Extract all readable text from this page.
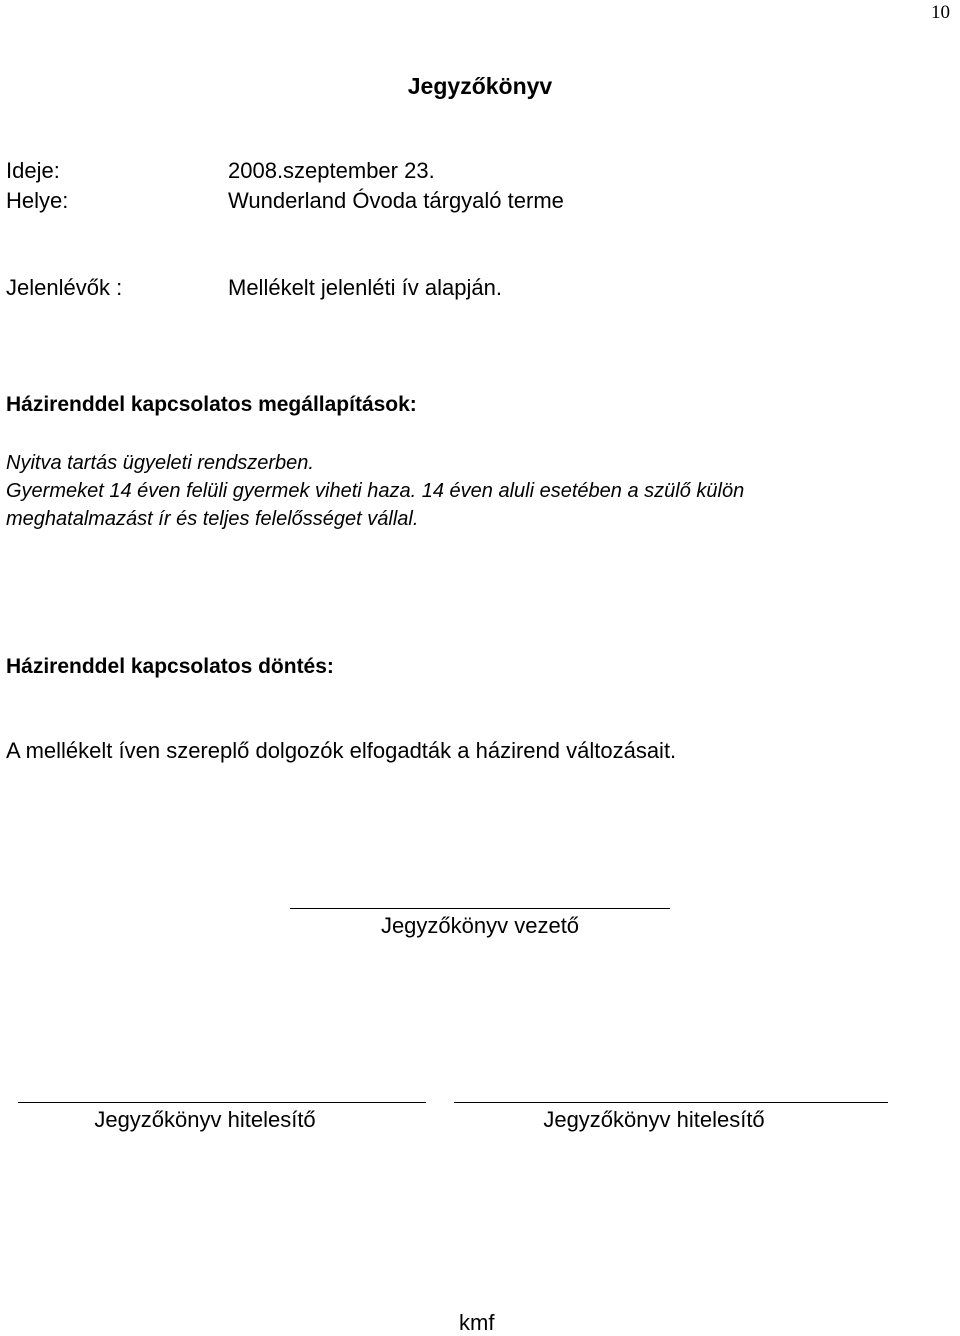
10
Jegyzőkönyv
Ideje:	2008.szeptember 23.
Helye:	Wunderland Óvoda tárgyaló terme
Jelenlévők :	Mellékelt jelenléti ív alapján.
Házirenddel kapcsolatos megállapítások:
Nyitva tartás ügyeleti rendszerben.
Gyermeket 14 éven felüli gyermek viheti haza. 14 éven aluli esetében a szülő külön
meghatalmazást ír és teljes felelősséget vállal.
Házirenddel kapcsolatos döntés:
A mellékelt íven szereplő dolgozók elfogadták a házirend változásait.
Jegyzőkönyv vezető
Jegyzőkönyv hitelesítő	Jegyzőkönyv hitelesítő
kmf
